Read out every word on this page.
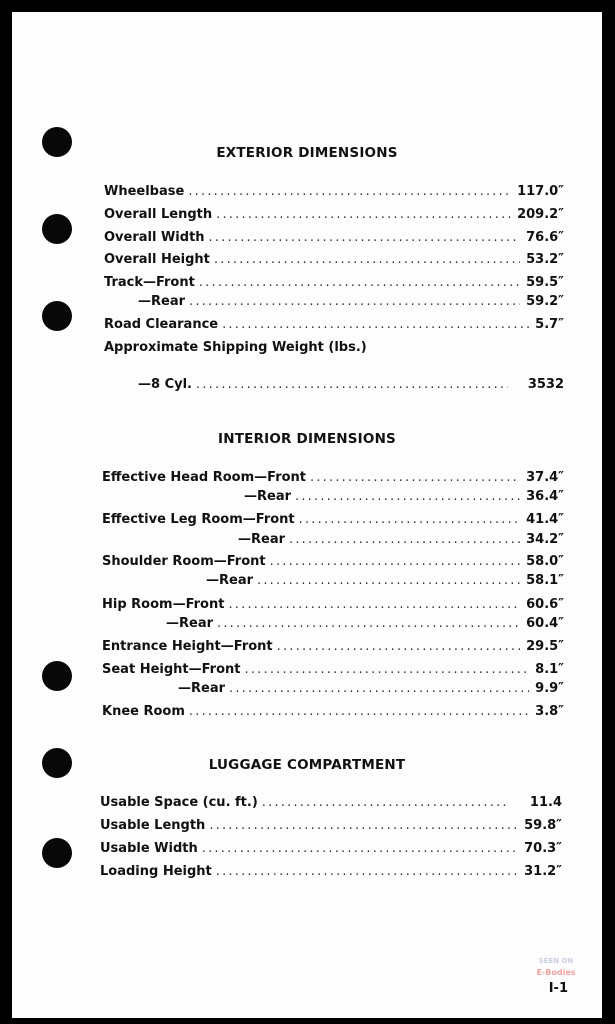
EXTERIOR DIMENSIONS
Wheelbase .....	117.0″
Overall Length .....	209.2″
Overall Width .....	76.6″
Overall Height .....	53.2″
Track—Front .....	59.5″
—Rear .....	59.2″
Road Clearance .....	5.7″
Approximate Shipping Weight (lbs.)
—8 Cyl. .....	3532
INTERIOR DIMENSIONS
Effective Head Room—Front .....	37.4″
—Rear .....	36.4″
Effective Leg Room—Front .....	41.4″
—Rear .....	34.2″
Shoulder Room—Front .....	58.0″
—Rear .....	58.1″
Hip Room—Front .....	60.6″
—Rear .....	60.4″
Entrance Height—Front .....	29.5″
Seat Height—Front .....	8.1″
—Rear .....	9.9″
Knee Room .....	3.8″
LUGGAGE COMPARTMENT
Usable Space (cu. ft.) .....	11.4
Usable Length .....	59.8″
Usable Width .....	70.3″
Loading Height .....	31.2″
SEEN ON
E-Bodies
I-1
